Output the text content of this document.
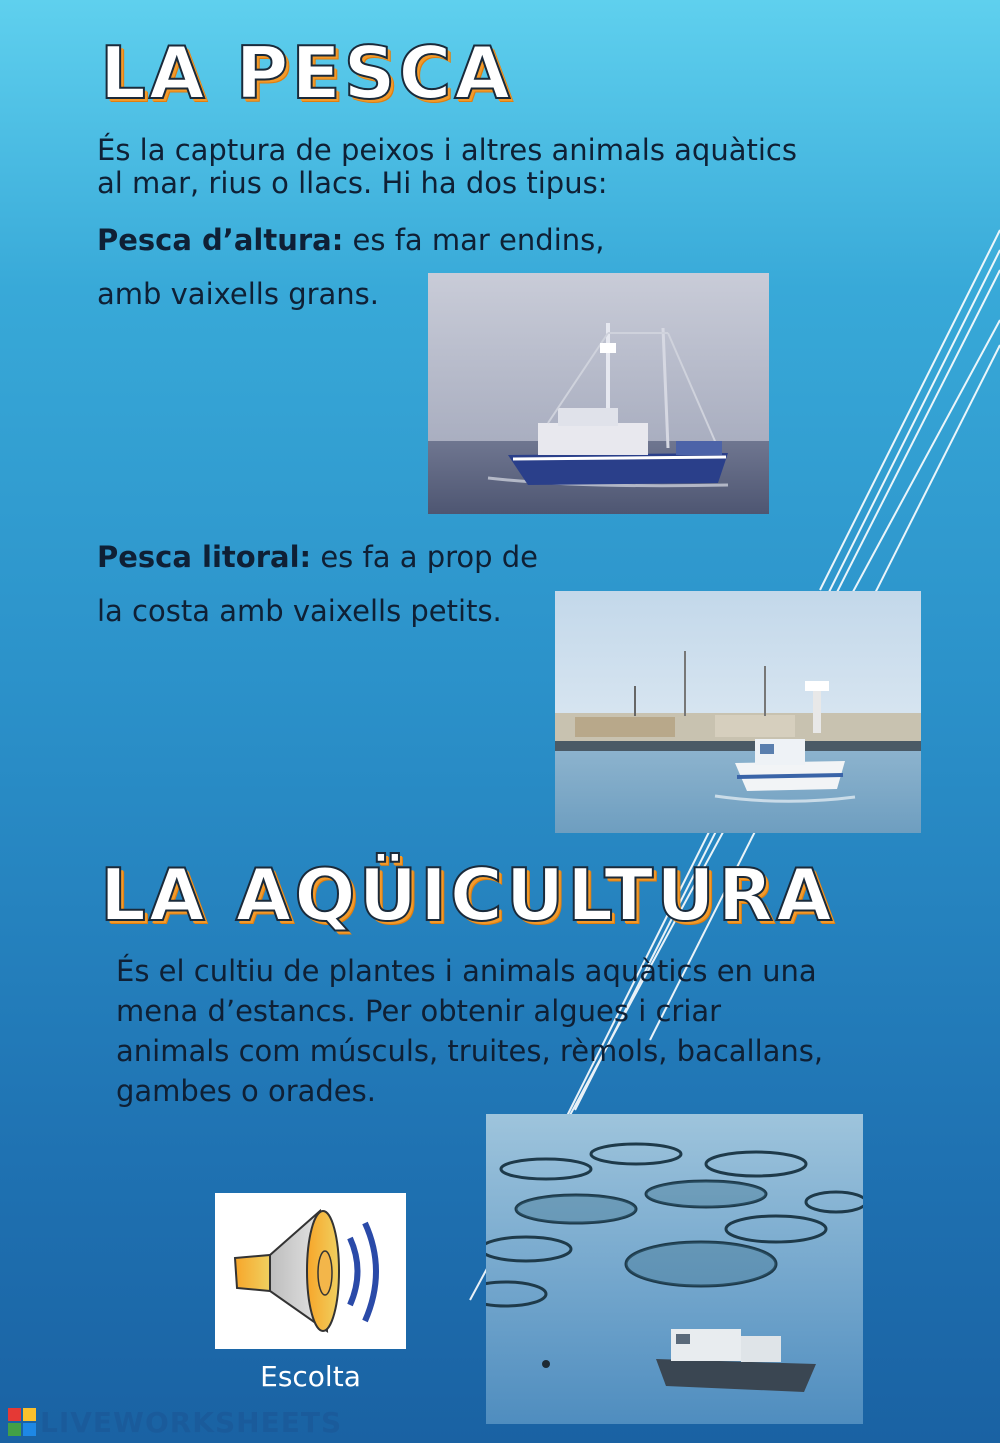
LA PESCA

És la captura de peixos i altres animals aquàtics

al mar, rius o llacs. Hi ha dos tipus:

Pesca d’altura: es fa mar endins,

amb vaixells grans.

Pesca litoral: es fa a prop de

la costa amb vaixells petits.

LA AQÜICULTURA

És el cultiu de plantes i animals aquàtics en una

mena d’estancs. Per obtenir algues i criar

animals com músculs, truites, rèmols, bacallans,

gambes o orades.

Escolta
LIVEWORKSHEETS
